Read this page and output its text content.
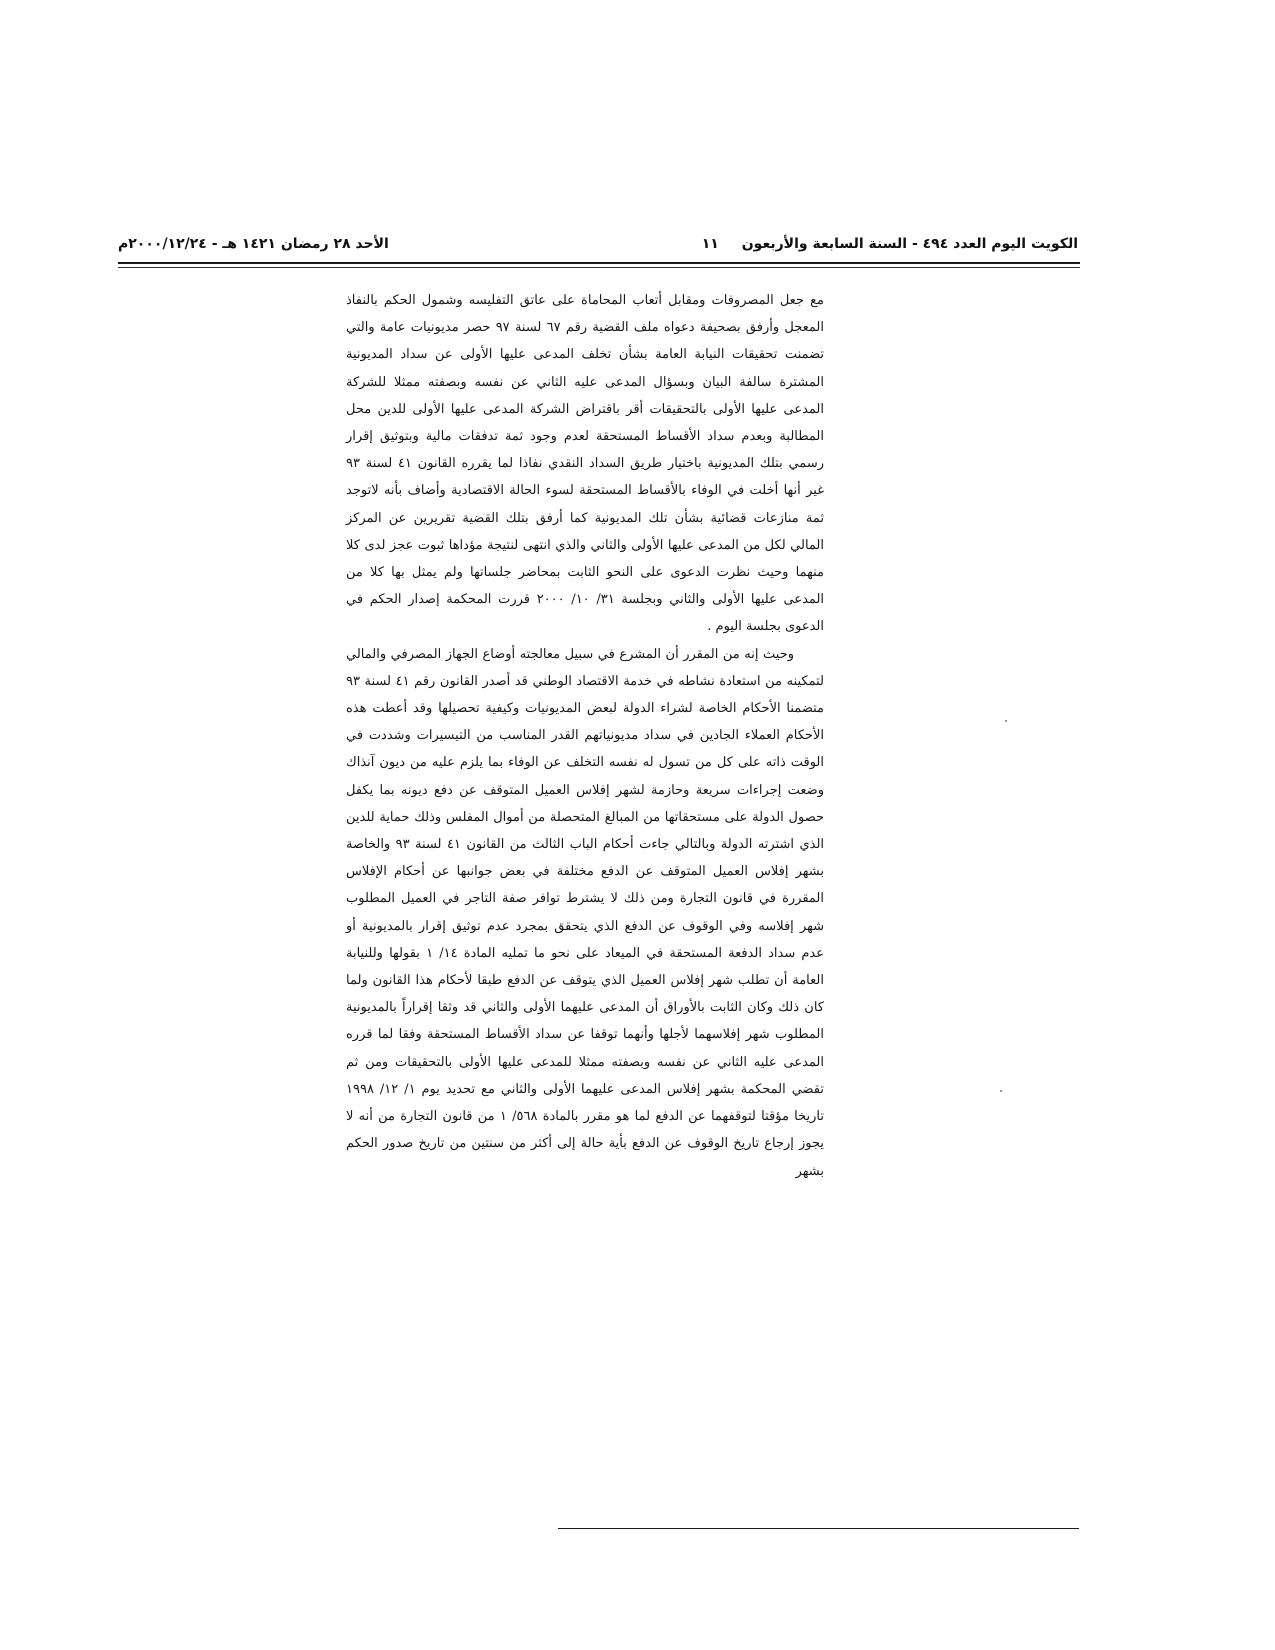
الكويت اليوم العدد ٤٩٤ - السنة السابعة والأربعون ١١
الأحد ٢٨ رمضان ١٤٢١ هـ - ٢٠٠٠/١٢/٢٤م

مع جعل المصروفات ومقابل أتعاب المحاماة على عاتق التفليسه وشمول الحكم بالنفاذ المعجل وأرفق بصحيفة دعواه ملف القضية رقم ٦٧ لسنة ٩٧ حصر مديونيات عامة والتي تضمنت تحقيقات النيابة العامة بشأن تخلف المدعى عليها الأولى عن سداد المديونية المشترة سالفة البيان وبسؤال المدعى عليه الثاني عن نفسه وبصفته ممثلا للشركة المدعى عليها الأولى بالتحقيقات أقر باقتراض الشركة المدعى عليها الأولى للدين محل المطالبة وبعدم سداد الأقساط المستحقة لعدم وجود ثمة تدفقات مالية وبتوثيق إقرار رسمي بتلك المديونية باختيار طريق السداد النقدي نفاذا لما يقرره القانون ٤١ لسنة ٩٣ غير أنها أخلت في الوفاء بالأقساط المستحقة لسوء الحالة الاقتصادية وأضاف بأنه لاتوجد ثمة منازعات قضائية بشأن تلك المديونية كما أرفق بتلك القضية تقريرين عن المركز المالي لكل من المدعى عليها الأولى والثاني والذي انتهى لنتيجة مؤداها ثبوت عجز لدى كلا منهما وحيث نظرت الدعوى على النحو الثابت بمحاضر جلساتها ولم يمثل بها كلا من المدعى عليها الأولى والثاني وبجلسة ٣١/ ١٠/ ٢٠٠٠ قررت المحكمة إصدار الحكم في الدعوى بجلسة اليوم .

وحيث إنه من المقرر أن المشرع في سبيل معالجته أوضاع الجهاز المصرفي والمالي لتمكينه من استعادة نشاطه في خدمة الاقتصاد الوطني قد أصدر القانون رقم ٤١ لسنة ٩٣ متضمنا الأحكام الخاصة لشراء الدولة لبعض المديونيات وكيفية تحصيلها وقد أعطت هذه الأحكام العملاء الجادين في سداد مديونياتهم القدر المناسب من التيسيرات وشددت في الوقت ذاته على كل من تسول له نفسه التخلف عن الوفاء بما يلزم عليه من ديون آنذاك وضعت إجراءات سريعة وحازمة لشهر إفلاس العميل المتوقف عن دفع ديونه بما يكفل حصول الدولة على مستحقاتها من المبالغ المتحصلة من أموال المفلس وذلك حماية للدين الذي اشترته الدولة وبالتالي جاءت أحكام الباب الثالث من القانون ٤١ لسنة ٩٣ والخاصة بشهر إفلاس العميل المتوقف عن الدفع مختلفة في بعض جوانبها عن أحكام الإفلاس المقررة في قانون التجارة ومن ذلك لا يشترط توافر صفة التاجر في العميل المطلوب شهر إفلاسه وفي الوقوف عن الدفع الذي يتحقق بمجرد عدم توثيق إقرار بالمديونية أو عدم سداد الدفعة المستحقة في الميعاد على نحو ما تمليه المادة ١٤/ ١ بقولها وللنيابة العامة أن تطلب شهر إفلاس العميل الذي يتوقف عن الدفع طبقا لأحكام هذا القانون ولما كان ذلك وكان الثابت بالأوراق أن المدعى عليهما الأولى والثاني قد وثقا إقراراً بالمديونية المطلوب شهر إفلاسهما لأجلها وأنهما توقفا عن سداد الأقساط المستحقة وفقا لما قرره المدعى عليه الثاني عن نفسه وبصفته ممثلا للمدعى عليها الأولى بالتحقيقات ومن ثم تقضي المحكمة بشهر إفلاس المدعى عليهما الأولى والثاني مع تحديد يوم ١/ ١٢/ ١٩٩٨ تاريخا مؤقتا لتوقفهما عن الدفع لما هو مقرر بالمادة ٥٦٨/ ١ من قانون التجارة من أنه لا يجوز إرجاع تاريخ الوقوف عن الدفع بأية حالة إلى أكثر من سنتين من تاريخ صدور الحكم بشهر
